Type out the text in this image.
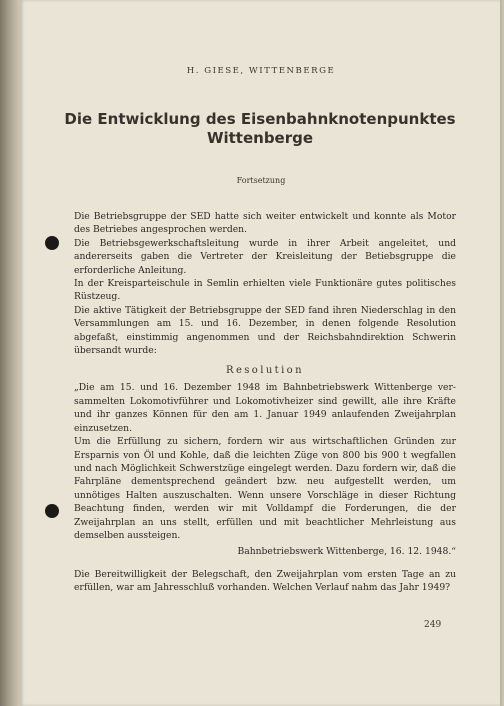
H. GIESE, WITTENBERGE
Die Entwicklung des Eisenbahnknotenpunktes
Wittenberge
Fortsetzung

Die Betriebsgruppe der SED hatte sich weiter entwickelt und konnte als Motor des Betriebes angesprochen werden.

Die Betriebsgewerkschaftsleitung wurde in ihrer Arbeit angeleitet, und andererseits gaben die Vertreter der Kreisleitung der Betiebsgruppe die erforderliche Anleitung.

In der Kreisparteischule in Semlin erhielten viele Funktionäre gutes politisches Rüstzeug.

Die aktive Tätigkeit der Betriebsgruppe der SED fand ihren Niederschlag in den Versammlungen am 15. und 16. Dezember, in denen folgende Resolution abgefaßt, einstimmig angenommen und der Reichsbahndirektion Schwerin übersandt wurde:

Resolution

„Die am 15. und 16. Dezember 1948 im Bahnbetriebswerk Wittenberge versammelten Lokomotivführer und Lokomotivheizer sind gewillt, alle ihre Kräfte und ihr ganzes Können für den am 1. Januar 1949 anlaufenden Zweijahrplan einzusetzen.

Um die Erfüllung zu sichern, fordern wir aus wirtschaftlichen Gründen zur Ersparnis von Öl und Kohle, daß die leichten Züge von 800 bis 900 t wegfallen und nach Möglichkeit Schwerstzüge eingelegt werden. Dazu fordern wir, daß die Fahrpläne dementsprechend geändert bzw. neu aufgestellt werden, um unnötiges Halten auszuschalten. Wenn unsere Vorschläge in dieser Richtung Beachtung finden, werden wir mit Volldampf die Forderungen, die der Zweijahrplan an uns stellt, erfüllen und mit beachtlicher Mehrleistung aus demselben aussteigen.

Bahnbetriebswerk Wittenberge, 16. 12. 1948.“

Die Bereitwilligkeit der Belegschaft, den Zweijahrplan vom ersten Tage an zu erfüllen, war am Jahresschluß vorhanden. Welchen Verlauf nahm das Jahr 1949?

249
